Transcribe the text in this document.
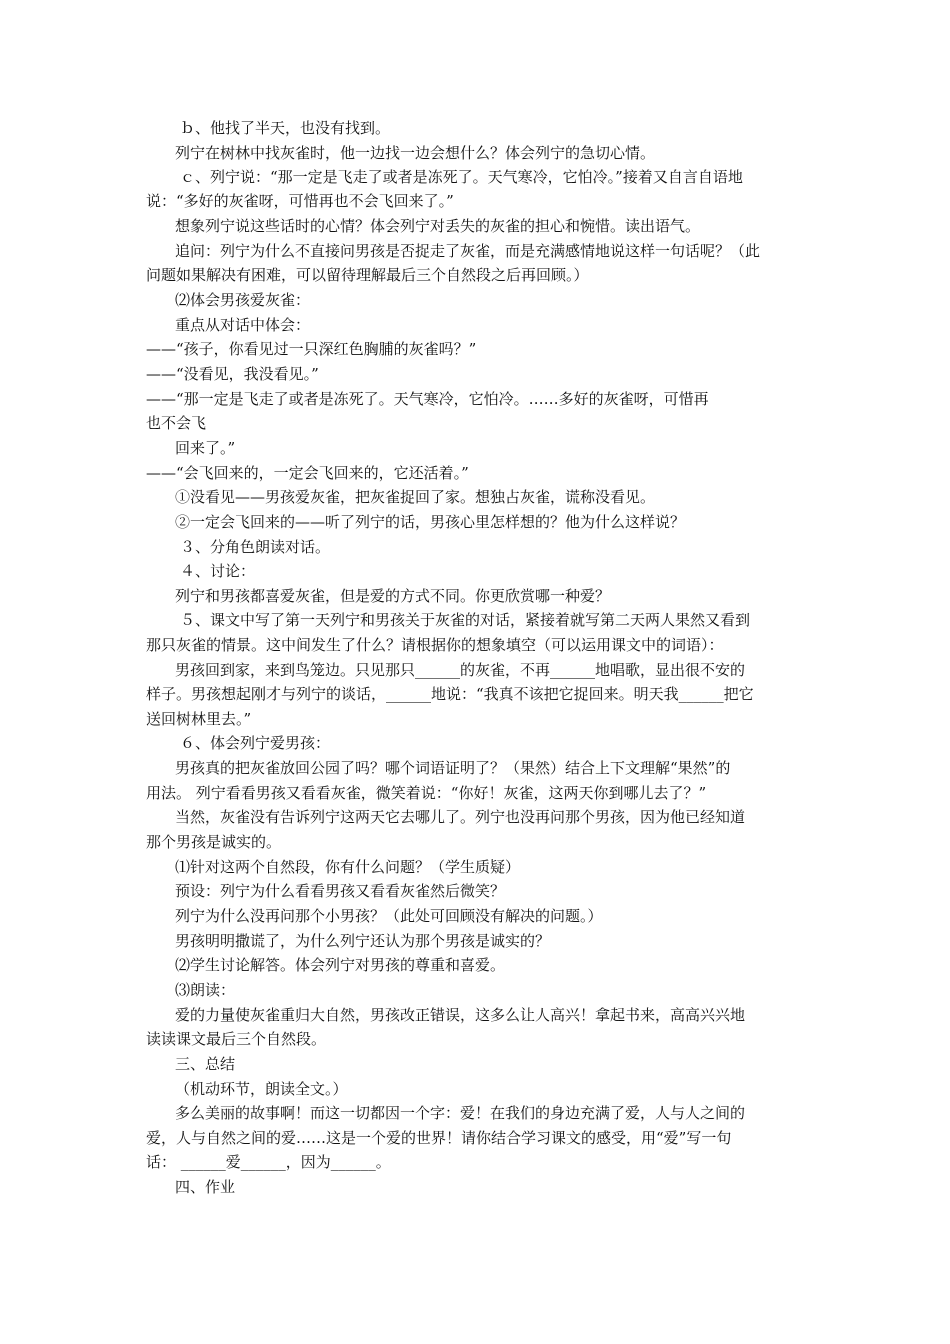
ｂ、他找了半天，也没有找到。
列宁在树林中找灰雀时，他一边找一边会想什么？体会列宁的急切心情。
ｃ、列宁说：“那一定是飞走了或者是冻死了。天气寒冷，它怕冷。”接着又自言自语地
说：“多好的灰雀呀，可惜再也不会飞回来了。”
想象列宁说这些话时的心情？体会列宁对丢失的灰雀的担心和惋惜。读出语气。
追问：列宁为什么不直接问男孩是否捉走了灰雀，而是充满感情地说这样一句话呢？（此
问题如果解决有困难，可以留待理解最后三个自然段之后再回顾。）
⑵体会男孩爱灰雀：
重点从对话中体会：
——“孩子，你看见过一只深红色胸脯的灰雀吗？”
——“没看见，我没看见。”
——“那一定是飞走了或者是冻死了。天气寒冷，它怕冷。……多好的灰雀呀，可惜再
也不会飞
回来了。”
——“会飞回来的，一定会飞回来的，它还活着。”
①没看见——男孩爱灰雀，把灰雀捉回了家。想独占灰雀，谎称没看见。
②一定会飞回来的——听了列宁的话，男孩心里怎样想的？他为什么这样说？
３、分角色朗读对话。
４、讨论：
列宁和男孩都喜爱灰雀，但是爱的方式不同。你更欣赏哪一种爱？
５、课文中写了第一天列宁和男孩关于灰雀的对话，紧接着就写第二天两人果然又看到
那只灰雀的情景。这中间发生了什么？请根据你的想象填空（可以运用课文中的词语）：
男孩回到家，来到鸟笼边。只见那只______的灰雀，不再______地唱歌，显出很不安的
样子。男孩想起刚才与列宁的谈话，______地说：“我真不该把它捉回来。明天我______把它
送回树林里去。”
６、体会列宁爱男孩：
男孩真的把灰雀放回公园了吗？哪个词语证明了？（果然）结合上下文理解“果然”的
用法。 列宁看看男孩又看看灰雀，微笑着说：“你好！灰雀，这两天你到哪儿去了？”
当然，灰雀没有告诉列宁这两天它去哪儿了。列宁也没再问那个男孩，因为他已经知道
那个男孩是诚实的。
⑴针对这两个自然段，你有什么问题？（学生质疑）
预设：列宁为什么看看男孩又看看灰雀然后微笑？
列宁为什么没再问那个小男孩？（此处可回顾没有解决的问题。）
男孩明明撒谎了，为什么列宁还认为那个男孩是诚实的？
⑵学生讨论解答。体会列宁对男孩的尊重和喜爱。
⑶朗读：
爱的力量使灰雀重归大自然，男孩改正错误，这多么让人高兴！拿起书来，高高兴兴地
读读课文最后三个自然段。
三、总结
（机动环节，朗读全文。）
多么美丽的故事啊！而这一切都因一个字：爱！在我们的身边充满了爱，人与人之间的
爱，人与自然之间的爱……这是一个爱的世界！请你结合学习课文的感受，用“爱”写一句
话： ______爱______，因为______。
四、作业
